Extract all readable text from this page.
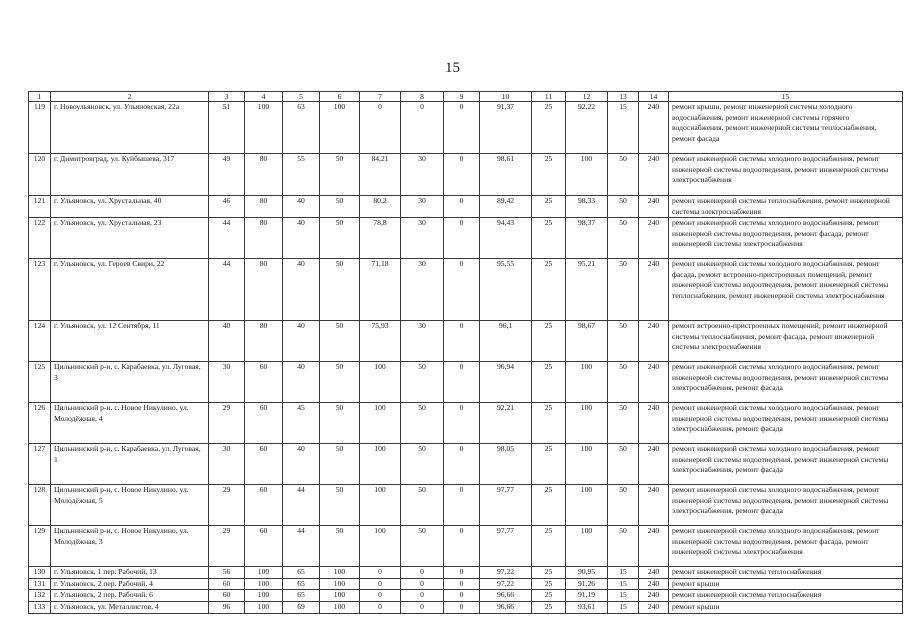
15
1	2	3	4	5	6	7	8	9	10	11	12	13	14	15
119	г. Новоульяновск, ул. Ульяновская, 22а	51	100	63	100	0	0	0	91,37	25	92,22	15	240	ремонт крыши, ремонт инженерной системы холодного водоснабжения, ремонт инженерной системы горячего водоснабжения, ремонт инженерной системы теплоснабжения, ремонт фасада
120	г. Димитровград, ул. Куйбышева, 317	49	80	55	50	84,21	30	0	98,61	25	100	50	240	ремонт инженерной системы холодного водоснабжения, ремонт инженерной системы водоотведения, ремонт инженерной системы электроснабжения
121	г. Ульяновск, ул. Хрустальная, 40	46	80	40	50	80,2	30	0	89,42	25	98,33	50	240	ремонт инженерной системы теплоснабжения, ремонт инженерной системы электроснабжения
122	г. Ульяновск, ул. Хрустальная, 23	44	80	40	50	78,8	30	0	94,43	25	98,37	50	240	ремонт инженерной системы холодного водоснабжения, ремонт инженерной системы водоотведения, ремонт фасада, ремонт инженерной системы электроснабжения
123	г. Ульяновск, ул. Героев Свири, 22	44	80	40	50	71,18	30	0	95,55	25	95,21	50	240	ремонт инженерной системы холодного водоснабжения, ремонт фасада, ремонт встроенно-пристроенных помещений, ремонт инженерной системы водоотведения, ремонт инженерной системы теплоснабжения, ремонт инженерной системы электроснабжения
124	г. Ульяновск, ул. 12 Сентября, 11	40	80	40	50	75,93	30	0	96,1	25	98,67	50	240	ремонт встроенно-пристроенных помещений, ремонт инженерной системы теплоснабжения, ремонт фасада, ремонт инженерной системы электроснабжения
125	Цильнинский р-н, с. Карабаевка, ул. Луговая, 3	30	60	40	50	100	50	0	96,94	25	100	50	240	ремонт инженерной системы холодного водоснабжения, ремонт инженерной системы водоотведения, ремонт инженерной системы электроснабжения, ремонт фасада
126	Цильнинский р-н, с. Новое Никулино, ул. Молодёжная, 4	29	60	45	50	100	50	0	92,21	25	100	50	240	ремонт инженерной системы холодного водоснабжения, ремонт инженерной системы водоотведения, ремонт инженерной системы электроснабжения, ремонт фасада
127	Цильнинский р-н, с. Карабаевка, ул. Луговая, 1	30	60	40	50	100	50	0	98,05	25	100	50	240	ремонт инженерной системы холодного водоснабжения, ремонт инженерной системы водоотведения, ремонт инженерной системы электроснабжения, ремонт фасада
128	Цильнинский р-н, с. Новое Никулино, ул. Молодёжная, 5	29	60	44	50	100	50	0	97,77	25	100	50	240	ремонт инженерной системы холодного водоснабжения, ремонт инженерной системы водоотведения, ремонт инженерной системы электроснабжения, ремонт фасада
129	Цильнинский р-н, с. Новое Никулино, ул. Молодёжная, 3	29	60	44	50	100	50	0	97,77	25	100	50	240	ремонт инженерной системы холодного водоснабжения, ремонт инженерной системы водоотведения, ремонт фасада, ремонт инженерной системы электроснабжения
130	г. Ульяновск, 1 пер. Рабочий, 13	56	100	65	100	0	0	0	97,22	25	90,95	15	240	ремонт инженерной системы теплоснабжения
131	г. Ульяновск, 2 пер. Рабочий, 4	60	100	65	100	0	0	0	97,22	25	91,26	15	240	ремонт крыши
132	г. Ульяновск, 2 пер. Рабочий, 6	60	100	65	100	0	0	0	96,66	25	91,19	15	240	ремонт инженерной системы теплоснабжения
133	г. Ульяновск, ул. Металлистов, 4	96	100	69	100	0	0	0	96,66	25	93,61	15	240	ремонт крыши
